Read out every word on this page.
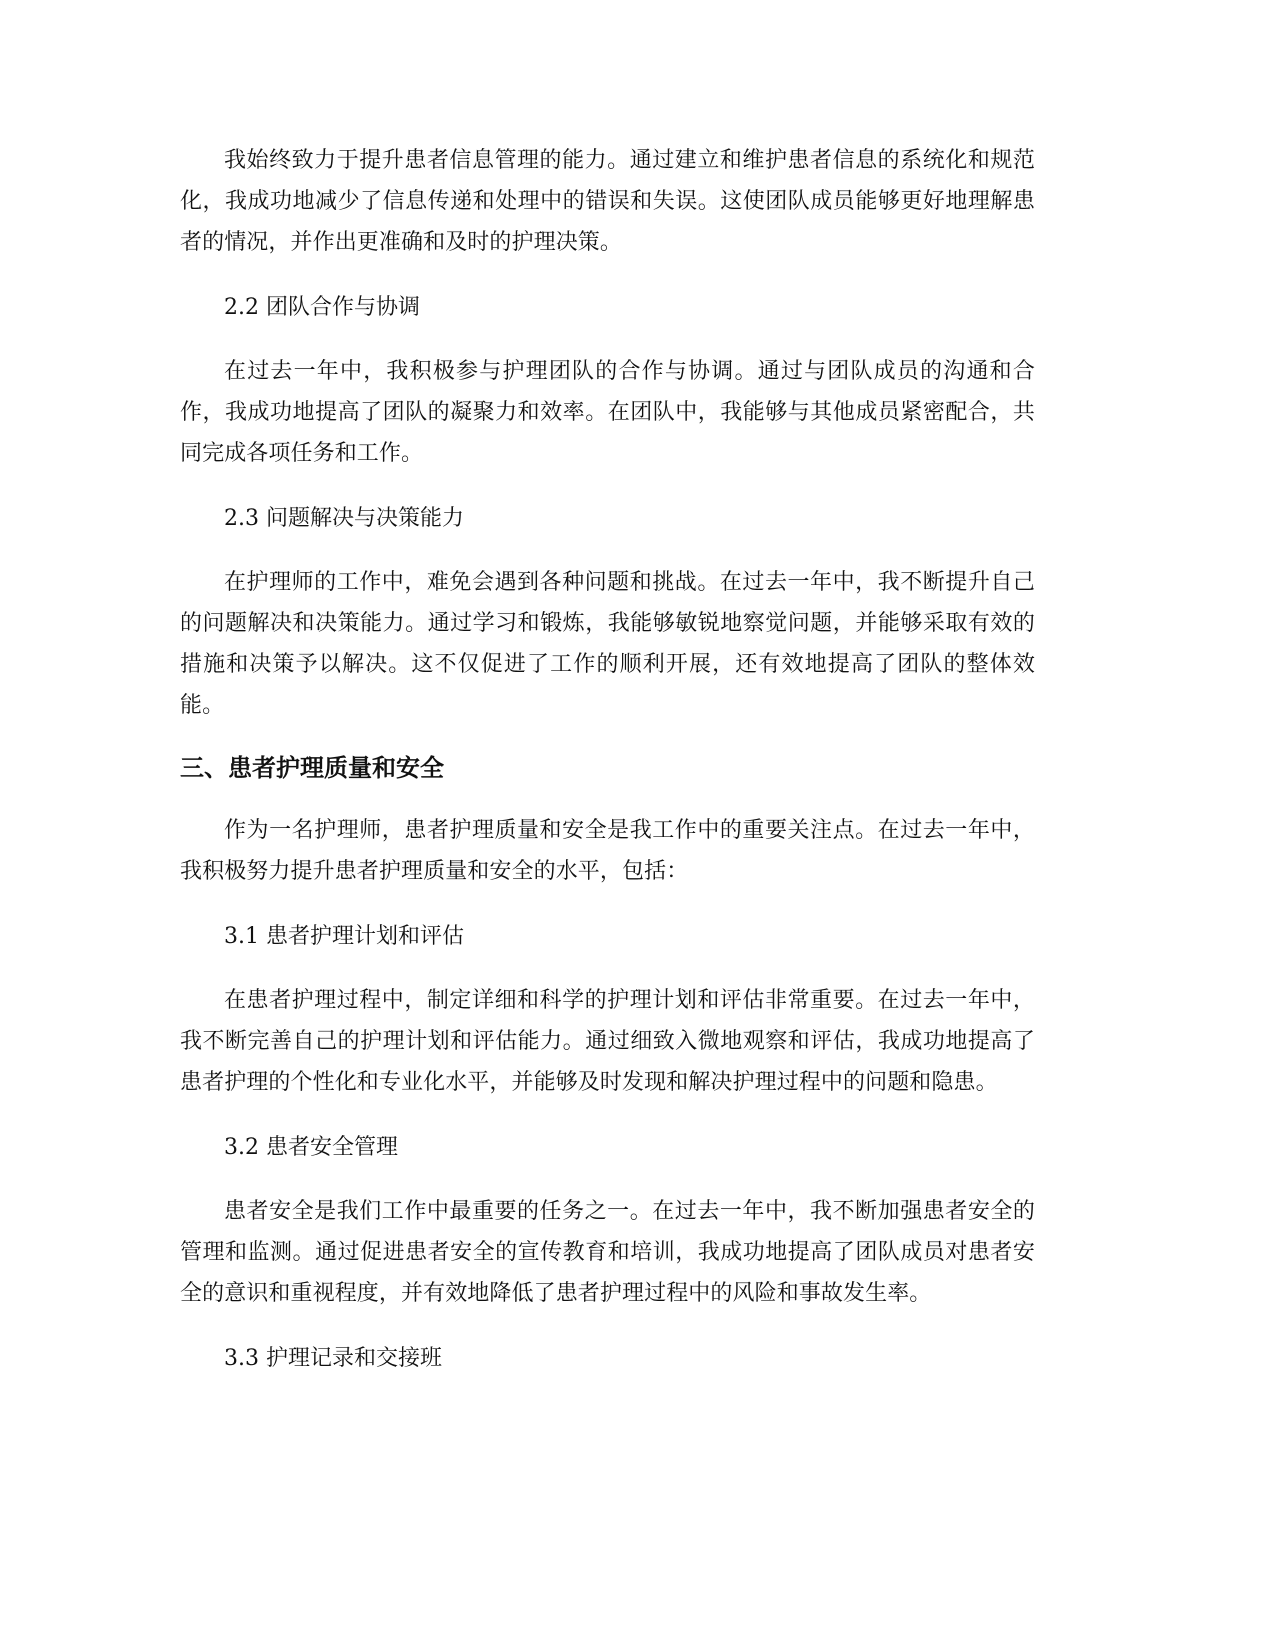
我始终致力于提升患者信息管理的能力。通过建立和维护患者信息的系统化和规范化，我成功地减少了信息传递和处理中的错误和失误。这使团队成员能够更好地理解患者的情况，并作出更准确和及时的护理决策。

2.2 团队合作与协调

在过去一年中，我积极参与护理团队的合作与协调。通过与团队成员的沟通和合作，我成功地提高了团队的凝聚力和效率。在团队中，我能够与其他成员紧密配合，共同完成各项任务和工作。

2.3 问题解决与决策能力

在护理师的工作中，难免会遇到各种问题和挑战。在过去一年中，我不断提升自己的问题解决和决策能力。通过学习和锻炼，我能够敏锐地察觉问题，并能够采取有效的措施和决策予以解决。这不仅促进了工作的顺利开展，还有效地提高了团队的整体效能。

三、患者护理质量和安全

作为一名护理师，患者护理质量和安全是我工作中的重要关注点。在过去一年中，我积极努力提升患者护理质量和安全的水平，包括：

3.1 患者护理计划和评估

在患者护理过程中，制定详细和科学的护理计划和评估非常重要。在过去一年中，我不断完善自己的护理计划和评估能力。通过细致入微地观察和评估，我成功地提高了患者护理的个性化和专业化水平，并能够及时发现和解决护理过程中的问题和隐患。

3.2 患者安全管理

患者安全是我们工作中最重要的任务之一。在过去一年中，我不断加强患者安全的管理和监测。通过促进患者安全的宣传教育和培训，我成功地提高了团队成员对患者安全的意识和重视程度，并有效地降低了患者护理过程中的风险和事故发生率。

3.3 护理记录和交接班
